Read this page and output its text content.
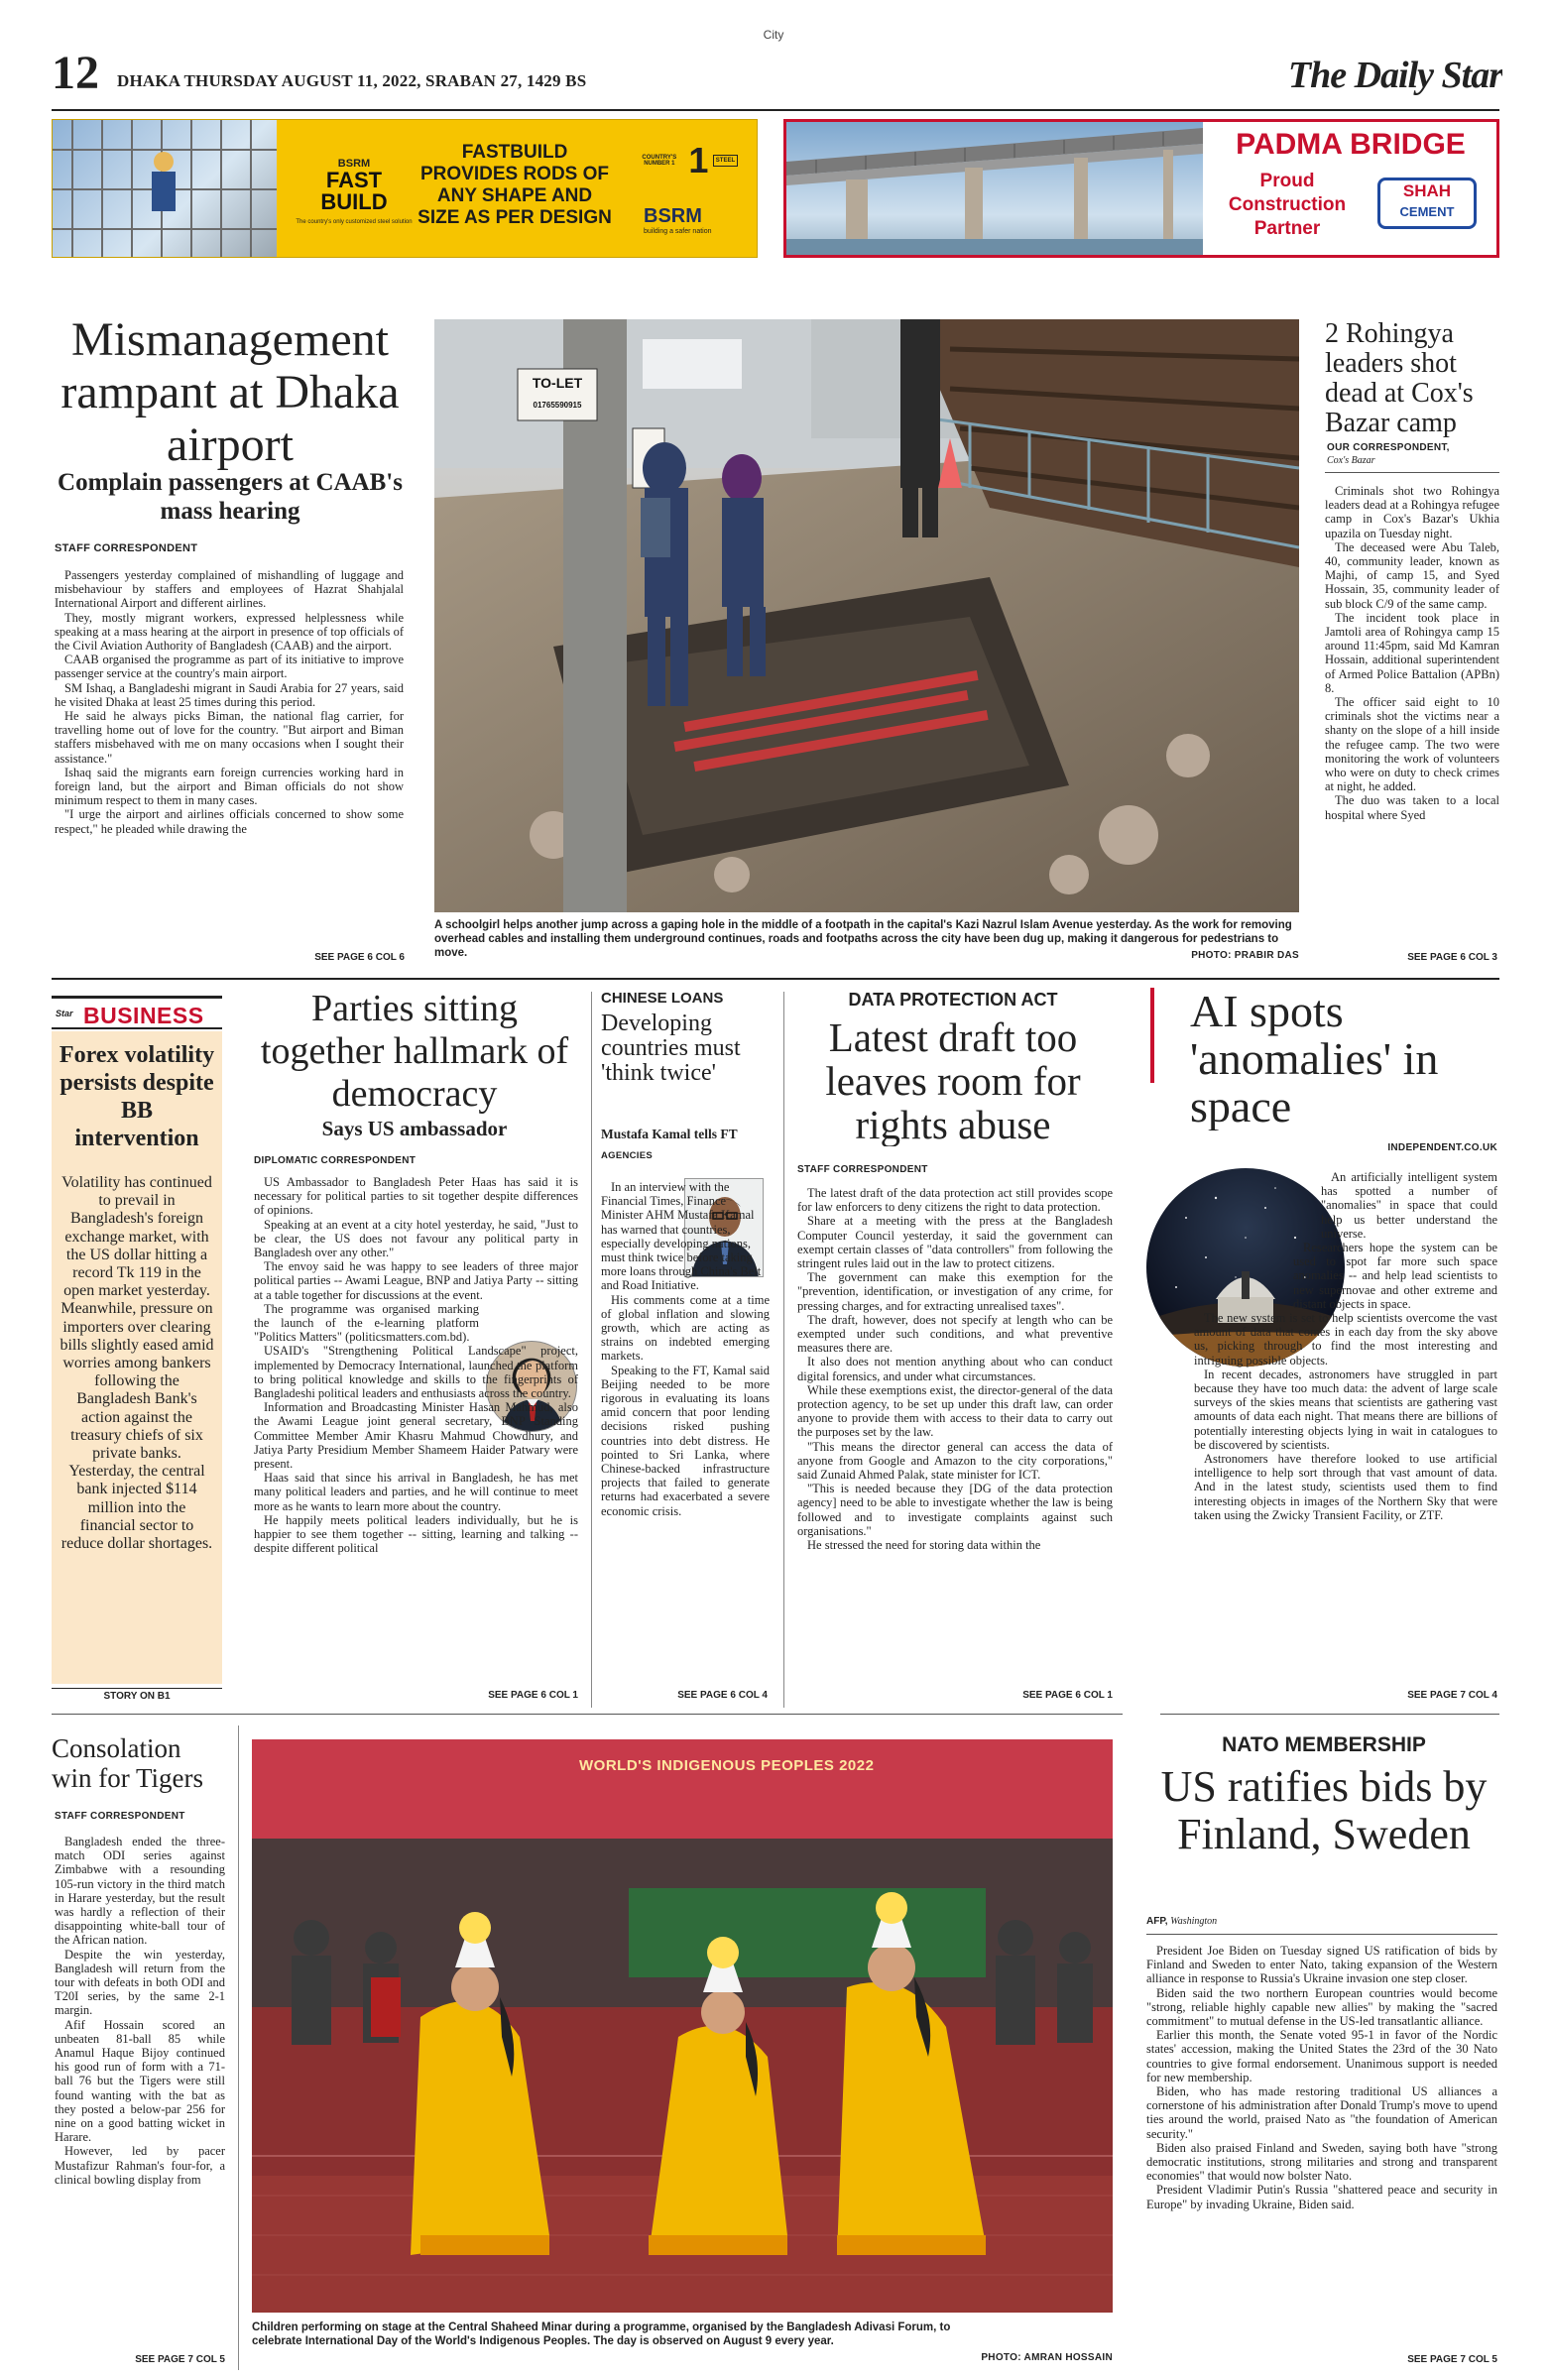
City
12 DHAKA THURSDAY AUGUST 11, 2022, SRABAN 27, 1429 BS	The Daily Star
BSRM
FAST BUILD
The country's only customized steel solution
FASTBUILD PROVIDES RODS OF ANY SHAPE AND SIZE AS PER DESIGN
COUNTRY'S NUMBER 1 1 STEEL
BSRM
building a safer nation
PADMA BRIDGE
Proud
Construction
Partner
SHAH
CEMENT
Mismanagement rampant at Dhaka airport
Complain passengers at CAAB's mass hearing
STAFF CORRESPONDENT

Passengers yesterday complained of mishandling of luggage and misbehaviour by staffers and employees of Hazrat Shahjalal International Airport and different airlines.

They, mostly migrant workers, expressed helplessness while speaking at a mass hearing at the airport in presence of top officials of the Civil Aviation Authority of Bangladesh (CAAB) and the airport.

CAAB organised the programme as part of its initiative to improve passenger service at the country's main airport.

SM Ishaq, a Bangladeshi migrant in Saudi Arabia for 27 years, said he visited Dhaka at least 25 times during this period.

He said he always picks Biman, the national flag carrier, for travelling home out of love for the country. "But airport and Biman staffers misbehaved with me on many occasions when I sought their assistance."

Ishaq said the migrants earn foreign currencies working hard in foreign land, but the airport and Biman officials do not show minimum respect to them in many cases.

"I urge the airport and airlines officials concerned to show some respect," he pleaded while drawing the

SEE PAGE 6 COL 6
TO-LET
01765590915
A schoolgirl helps another jump across a gaping hole in the middle of a footpath in the capital's Kazi Nazrul Islam Avenue yesterday. As the work for removing overhead cables and installing them underground continues, roads and footpaths across the city have been dug up, making it dangerous for pedestrians to move.	PHOTO: PRABIR DAS
2 Rohingya leaders shot dead at Cox's Bazar camp
OUR CORRESPONDENT,
Cox's Bazar

Criminals shot two Rohingya leaders dead at a Rohingya refugee camp in Cox's Bazar's Ukhia upazila on Tuesday night.

The deceased were Abu Taleb, 40, community leader, known as Majhi, of camp 15, and Syed Hossain, 35, community leader of sub block C/9 of the same camp.

The incident took place in Jamtoli area of Rohingya camp 15 around 11:45pm, said Md Kamran Hossain, additional superintendent of Armed Police Battalion (APBn) 8.

The officer said eight to 10 criminals shot the victims near a shanty on the slope of a hill inside the refugee camp. The two were monitoring the work of volunteers who were on duty to check crimes at night, he added.

The duo was taken to a local hospital where Syed

SEE PAGE 6 COL 3
Star BUSINESS
Forex volatility persists despite BB intervention

Volatility has continued to prevail in Bangladesh's foreign exchange market, with the US dollar hitting a record Tk 119 in the open market yesterday.

Meanwhile, pressure on importers over clearing bills slightly eased amid worries among bankers following the Bangladesh Bank's action against the treasury chiefs of six private banks.

Yesterday, the central bank injected $114 million into the financial sector to reduce dollar shortages.

STORY ON B1
Parties sitting together hallmark of democracy
Says US ambassador
DIPLOMATIC CORRESPONDENT

US Ambassador to Bangladesh Peter Haas has said it is necessary for political parties to sit together despite differences of opinions.

Speaking at an event at a city hotel yesterday, he said, "Just to be clear, the US does not favour any political party in Bangladesh over any other."

The envoy said he was happy to see leaders of three major political parties -- Awami League, BNP and Jatiya Party -- sitting at a table together for discussions at the event.

The programme was organised marking the launch of the e-learning platform "Politics Matters" (politicsmatters.com.bd).

USAID's "Strengthening Political Landscape" project, implemented by Democracy International, launched the platform to bring political knowledge and skills to the fingerprints of Bangladeshi political leaders and enthusiasts across the country.

Information and Broadcasting Minister Hasan Mahmud, also the Awami League joint general secretary, BNP Standing Committee Member Amir Khasru Mahmud Chowdhury, and Jatiya Party Presidium Member Shameem Haider Patwary were present.

Haas said that since his arrival in Bangladesh, he has met many political leaders and parties, and he will continue to meet more as he wants to learn more about the country.

He happily meets political leaders individually, but he is happier to see them together -- sitting, learning and talking -- despite different political

SEE PAGE 6 COL 1
CHINESE LOANS
Developing countries must 'think twice'
Mustafa Kamal tells FT
AGENCIES

In an interview with the Financial Times, Finance Minister AHM Mustafa Kamal has warned that countries, especially developing nations, must think twice before taking more loans through China's Belt and Road Initiative.

His comments come at a time of global inflation and slowing growth, which are acting as strains on indebted emerging markets.

Speaking to the FT, Kamal said Beijing needed to be more rigorous in evaluating its loans amid concern that poor lending decisions risked pushing countries into debt distress. He pointed to Sri Lanka, where Chinese-backed infrastructure projects that failed to generate returns had exacerbated a severe economic crisis.

SEE PAGE 6 COL 4
DATA PROTECTION ACT
Latest draft too leaves room for rights abuse
STAFF CORRESPONDENT

The latest draft of the data protection act still provides scope for law enforcers to deny citizens the right to data protection.

Share at a meeting with the press at the Bangladesh Computer Council yesterday, it said the government can exempt certain classes of "data controllers" from following the stringent rules laid out in the law to protect citizens.

The government can make this exemption for the "prevention, identification, or investigation of any crime, for pressing charges, and for extracting unrealised taxes".

The draft, however, does not specify at length who can be exempted under such conditions, and what preventive measures there are.

It also does not mention anything about who can conduct digital forensics, and under what circumstances.

While these exemptions exist, the director-general of the data protection agency, to be set up under this draft law, can order anyone to provide them with access to their data to carry out the purposes set by the law.

"This means the director general can access the data of anyone from Google and Amazon to the city corporations," said Zunaid Ahmed Palak, state minister for ICT.

"This is needed because they [DG of the data protection agency] need to be able to investigate whether the law is being followed and to investigate complaints against such organisations."

He stressed the need for storing data within the

SEE PAGE 6 COL 1
AI spots 'anomalies' in space
INDEPENDENT.CO.UK

An artificially intelligent system has spotted a number of "anomalies" in space that could help us better understand the universe.

Researchers hope the system can be used to spot far more such space anomalies -- and help lead scientists to new supernovae and other extreme and distant objects in space.

The new system is set to help scientists overcome the vast amount of data that comes in each day from the sky above us, picking through to find the most interesting and intriguing possible objects.

In recent decades, astronomers have struggled in part because they have too much data: the advent of large scale surveys of the skies means that scientists are gathering vast amounts of data each night. That means there are billions of potentially interesting objects lying in wait in catalogues to be discovered by scientists.

Astronomers have therefore looked to use artificial intelligence to help sort through that vast amount of data. And in the latest study, scientists used them to find interesting objects in images of the Northern Sky that were taken using the Zwicky Transient Facility, or ZTF.

SEE PAGE 7 COL 4
Consolation win for Tigers
STAFF CORRESPONDENT

Bangladesh ended the three-match ODI series against Zimbabwe with a resounding 105-run victory in the third match in Harare yesterday, but the result was hardly a reflection of their disappointing white-ball tour of the African nation.

Despite the win yesterday, Bangladesh will return from the tour with defeats in both ODI and T20I series, by the same 2-1 margin.

Afif Hossain scored an unbeaten 81-ball 85 while Anamul Haque Bijoy continued his good run of form with a 71-ball 76 but the Tigers were still found wanting with the bat as they posted a below-par 256 for nine on a good batting wicket in Harare.

However, led by pacer Mustafizur Rahman's four-for, a clinical bowling display from

SEE PAGE 7 COL 5
WORLD'S INDIGENOUS PEOPLES 2022
Children performing on stage at the Central Shaheed Minar during a programme, organised by the Bangladesh Adivasi Forum, to celebrate International Day of the World's Indigenous Peoples. The day is observed on August 9 every year.
PHOTO: AMRAN HOSSAIN
NATO MEMBERSHIP
US ratifies bids by Finland, Sweden
AFP, Washington

President Joe Biden on Tuesday signed US ratification of bids by Finland and Sweden to enter Nato, taking expansion of the Western alliance in response to Russia's Ukraine invasion one step closer.

Biden said the two northern European countries would become "strong, reliable highly capable new allies" by making the "sacred commitment" to mutual defense in the US-led transatlantic alliance.

Earlier this month, the Senate voted 95-1 in favor of the Nordic states' accession, making the United States the 23rd of the 30 Nato countries to give formal endorsement. Unanimous support is needed for new membership.

Biden, who has made restoring traditional US alliances a cornerstone of his administration after Donald Trump's move to upend ties around the world, praised Nato as "the foundation of American security."

Biden also praised Finland and Sweden, saying both have "strong democratic institutions, strong militaries and strong and transparent economies" that would now bolster Nato.

President Vladimir Putin's Russia "shattered peace and security in Europe" by invading Ukraine, Biden said.

SEE PAGE 7 COL 5
